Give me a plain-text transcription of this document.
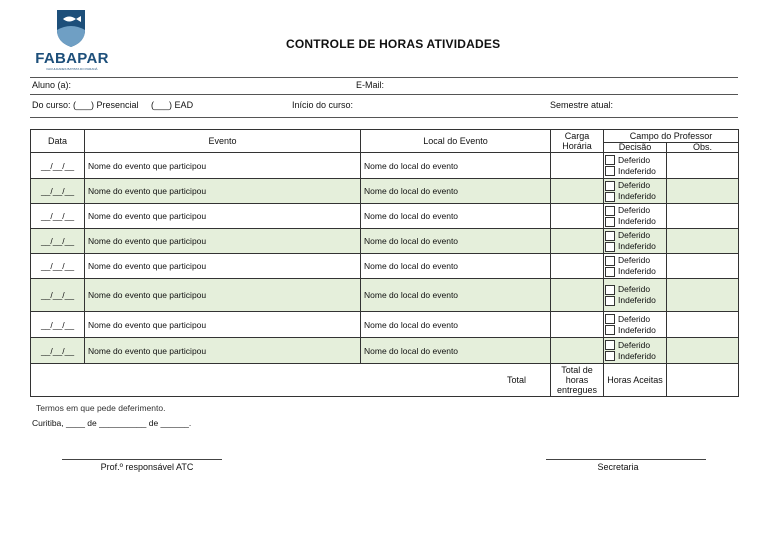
FABAPAR
FACULDADES BATISTA DO PARANÁ
CONTROLE DE HORAS ATIVIDADES
Aluno (a):	E-Mail:
Do curso: (___) Presencial     (___) EAD	Início do curso:	Semestre atual:
Data	Evento	Local do Evento	Carga Horária	Campo do Professor	
				Decisão	Obs.
__/__/__	Nome do evento que participou	Nome do local do evento		Deferido
Indeferido	

__/__/__	Nome do evento que participou	Nome do local do evento		Deferido
Indeferido	

__/__/__	Nome do evento que participou	Nome do local do evento		Deferido
Indeferido	

__/__/__	Nome do evento que participou	Nome do local do evento		Deferido
Indeferido	

__/__/__	Nome do evento que participou	Nome do local do evento		Deferido
Indeferido	

__/__/__	Nome do evento que participou	Nome do local do evento		Deferido
Indeferido	

__/__/__	Nome do evento que participou	Nome do local do evento		Deferido
Indeferido	

__/__/__	Nome do evento que participou	Nome do local do evento		Deferido
Indeferido	

Total			Total de horas entregues	Horas Aceitas	
Termos em que pede deferimento.
Curitiba, ____ de __________ de ______.
Prof.º responsável ATC	Secretaria
